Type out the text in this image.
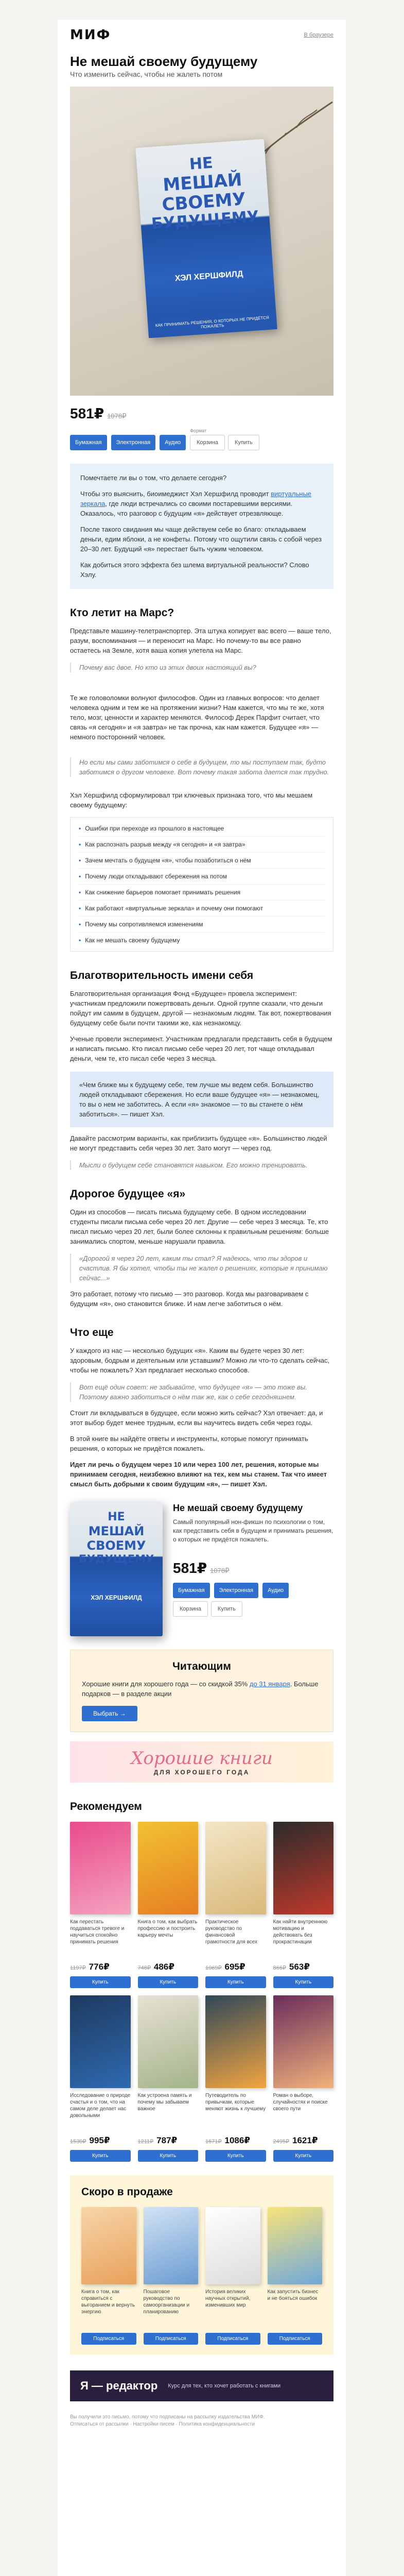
МИФ	В браузере
Не мешай своему будущему
Что изменить сейчас, чтобы не жалеть потом
НЕ
МЕШАЙ
СВОЕМУ
БУДУЩЕМУ
ХЭЛ ХЕРШФИЛД
КАК ПРИНИМАТЬ РЕШЕНИЯ, О КОТОРЫХ НЕ ПРИДЁТСЯ ПОЖАЛЕТЬ
581₽ 1078₽
Бумажная	Электронная	Аудио
Формат
Корзина	Купить

Помечтаете ли вы о том, что делаете сегодня?

Чтобы это выяснить, биоимеджист Хэл Хершфилд проводит виртуальные зеркала, где люди встречались со своими постаревшими версиями. Оказалось, что разговор с будущим «я» действует отрезвляюще.

После такого свидания мы чаще действуем себе во благо: откладываем деньги, едим яблоки, а не конфеты. Потому что ощутили связь с собой через 20–30 лет. Будущий «я» перестает быть чужим человеком.

Как добиться этого эффекта без шлема виртуальной реальности? Слово Хэлу.

Кто летит на Марс?
Представьте машину-телетранспортер. Эта штука копирует вас всего — ваше тело, разум, воспоминания — и переносит на Марс. Но почему-то вы все равно остаетесь на Земле, хотя ваша копия улетела на Марс.
Почему вас двое. Но кто из этих двоих настоящий вы?
Те же головоломки волнуют философов. Один из главных вопросов: что делает человека одним и тем же на протяжении жизни? Нам кажется, что мы те же, хотя тело, мозг, ценности и характер меняются. Философ Дерек Парфит считает, что связь «я сегодня» и «я завтра» не так прочна, как нам кажется. Будущее «я» — немного посторонний человек.
Но если мы сами заботимся о себе в будущем, то мы поступаем так, будто заботимся о другом человеке. Вот почему такая забота дается так трудно.
Хэл Хершфилд сформулировал три ключевых признака того, что мы мешаем своему будущему:
• Ошибки при переходе из прошлого в настоящее
• Как распознать разрыв между «я сегодня» и «я завтра»
• Зачем мечтать о будущем «я», чтобы позаботиться о нём
• Почему люди откладывают сбережения на потом
• Как снижение барьеров помогает принимать решения
• Как работают «виртуальные зеркала» и почему они помогают
• Почему мы сопротивляемся изменениям
• Как не мешать своему будущему
Благотворительность имени себя
Благотворительная организация Фонд «Будущее» провела эксперимент: участникам предложили пожертвовать деньги. Одной группе сказали, что деньги пойдут им самим в будущем, другой — незнакомым людям. Так вот, пожертвования будущему себе были почти такими же, как незнакомцу.
Ученые провели эксперимент. Участникам предлагали представить себя в будущем и написать письмо. Кто писал письмо себе через 20 лет, тот чаще откладывал деньги, чем те, кто писал себе через 3 месяца.
«Чем ближе мы к будущему себе, тем лучше мы ведем себя. Большинство людей откладывают сбережения. Но если ваше будущее «я» — незнакомец, то вы о нем не заботитесь. А если «я» знакомое — то вы станете о нём заботиться». — пишет Хэл.
Давайте рассмотрим варианты, как приблизить будущее «я». Большинство людей не могут представить себя через 30 лет. Зато могут — через год.
Мысли о будущем себе становятся навыком. Его можно тренировать.
Дорогое будущее «я»
Один из способов — писать письма будущему себе. В одном исследовании студенты писали письма себе через 20 лет. Другие — себе через 3 месяца. Те, кто писал письмо через 20 лет, были более склонны к правильным решениям: больше занимались спортом, меньше нарушали правила.
«Дорогой я через 20 лет, каким ты стал? Я надеюсь, что ты здоров и счастлив. Я бы хотел, чтобы ты не жалел о решениях, которые я принимаю сейчас...»
Это работает, потому что письмо — это разговор. Когда мы разговариваем с будущим «я», оно становится ближе. И нам легче заботиться о нём.
Что еще
У каждого из нас — несколько будущих «я». Каким вы будете через 30 лет: здоровым, бодрым и деятельным или уставшим? Можно ли что-то сделать сейчас, чтобы не пожалеть? Хэл предлагает несколько способов.
Вот ещё один совет: не забывайте, что будущее «я» — это тоже вы. Поэтому важно заботиться о нём так же, как о себе сегодняшнем.
Стоит ли вкладываться в будущее, если можно жить сейчас? Хэл отвечает: да, и этот выбор будет менее трудным, если вы научитесь видеть себя через годы.
В этой книге вы найдёте ответы и инструменты, которые помогут принимать решения, о которых не придётся пожалеть.
Идет ли речь о будущем через 10 или через 100 лет, решения, которые мы принимаем сегодня, неизбежно влияют на тех, кем мы станем. Так что имеет смысл быть добрыми к своим будущим «я», — пишет Хэл.
НЕ
МЕШАЙ
СВОЕМУ
БУДУЩЕМУ
ХЭЛ ХЕРШФИЛД
Не мешай своему будущему
Самый популярный нон-фикшн по психологии о том, как представить себя в будущем и принимать решения, о которых не придётся пожалеть.
581₽ 1078₽
Бумажная	Электронная	Аудио
Корзина	Купить
Читающим
Хорошие книги для хорошего года — со скидкой 35% до 31 января. Больше подарков — в разделе акции
Выбрать →
Хорошие книги
ДЛЯ ХОРОШЕГО ГОДА
Рекомендуем
Как перестать поддаваться тревоге и научиться спокойно принимать решения
1197₽ 776₽
Купить
Книга о том, как выбрать профессию и построить карьеру мечты
748₽ 486₽
Купить
Практическое руководство по финансовой грамотности для всех
1069₽ 695₽
Купить
Как найти внутреннюю мотивацию и действовать без прокрастинации
866₽ 563₽
Купить
Исследование о природе счастья и о том, что на самом деле делает нас довольными
1530₽ 995₽
Купить
Как устроена память и почему мы забываем важное
1211₽ 787₽
Купить
Путеводитель по привычкам, которые меняют жизнь к лучшему
1671₽ 1086₽
Купить
Роман о выборе, случайностях и поиске своего пути
2495₽ 1621₽
Купить
Скоро в продаже
Книга о том, как справиться с выгоранием и вернуть энергию
Подписаться
Пошаговое руководство по самоорганизации и планированию
Подписаться
История великих научных открытий, изменивших мир
Подписаться
Как запустить бизнес и не бояться ошибок
Подписаться
Я — редактор Курс для тех, кто хочет работать с книгами
Вы получили это письмо, потому что подписаны на рассылку издательства МИФ.
Отписаться от рассылки · Настройки писем · Политика конфиденциальности
